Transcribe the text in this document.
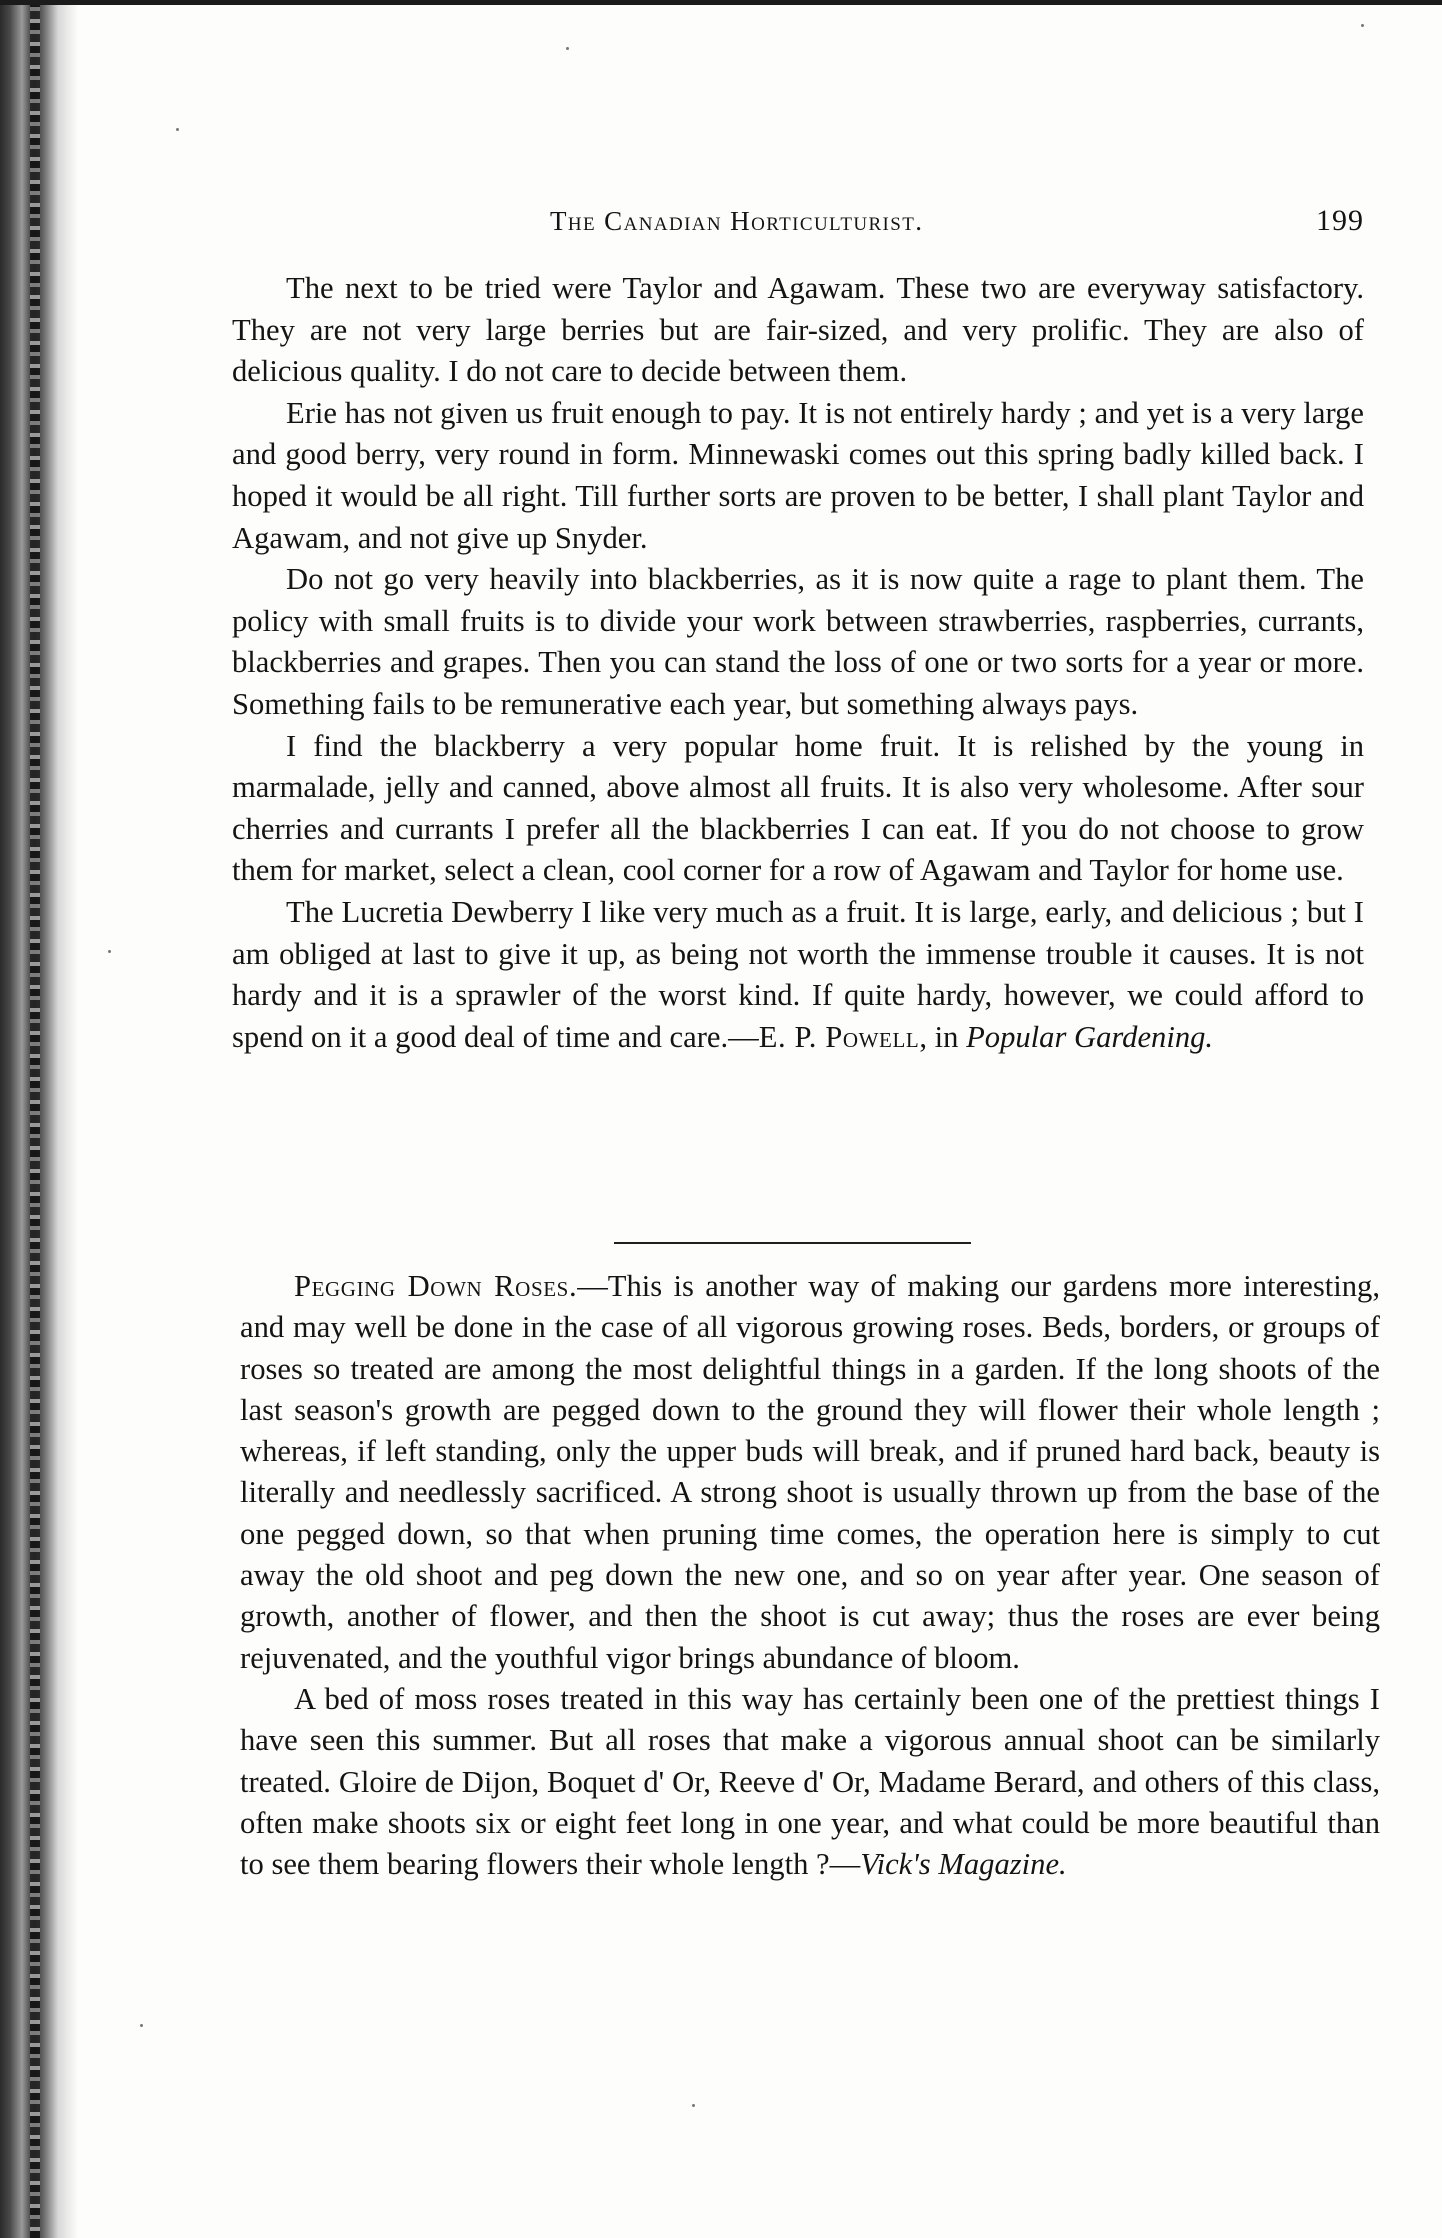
The Canadian Horticulturist.	199

The next to be tried were Taylor and Agawam. These two are everyway satisfactory. They are not very large berries but are fair-sized, and very prolific. They are also of delicious quality. I do not care to decide between them.

Erie has not given us fruit enough to pay. It is not entirely hardy ; and yet is a very large and good berry, very round in form. Minnewaski comes out this spring badly killed back. I hoped it would be all right. Till further sorts are proven to be better, I shall plant Taylor and Agawam, and not give up Snyder.

Do not go very heavily into blackberries, as it is now quite a rage to plant them. The policy with small fruits is to divide your work between strawberries, raspberries, currants, blackberries and grapes. Then you can stand the loss of one or two sorts for a year or more. Something fails to be remunerative each year, but something always pays.

I find the blackberry a very popular home fruit. It is relished by the young in marmalade, jelly and canned, above almost all fruits. It is also very wholesome. After sour cherries and currants I prefer all the blackberries I can eat. If you do not choose to grow them for market, select a clean, cool corner for a row of Agawam and Taylor for home use.

The Lucretia Dewberry I like very much as a fruit. It is large, early, and delicious ; but I am obliged at last to give it up, as being not worth the immense trouble it causes. It is not hardy and it is a sprawler of the worst kind. If quite hardy, however, we could afford to spend on it a good deal of time and care.—E. P. Powell, in Popular Gardening.

Pegging Down Roses.—This is another way of making our gardens more interesting, and may well be done in the case of all vigorous growing roses. Beds, borders, or groups of roses so treated are among the most delightful things in a garden. If the long shoots of the last season's growth are pegged down to the ground they will flower their whole length ; whereas, if left standing, only the upper buds will break, and if pruned hard back, beauty is literally and needlessly sacrificed. A strong shoot is usually thrown up from the base of the one pegged down, so that when pruning time comes, the operation here is simply to cut away the old shoot and peg down the new one, and so on year after year. One season of growth, another of flower, and then the shoot is cut away; thus the roses are ever being rejuvenated, and the youthful vigor brings abundance of bloom.

A bed of moss roses treated in this way has certainly been one of the prettiest things I have seen this summer. But all roses that make a vigorous annual shoot can be similarly treated. Gloire de Dijon, Boquet d' Or, Reeve d' Or, Madame Berard, and others of this class, often make shoots six or eight feet long in one year, and what could be more beautiful than to see them bearing flowers their whole length ?—Vick's Magazine.
